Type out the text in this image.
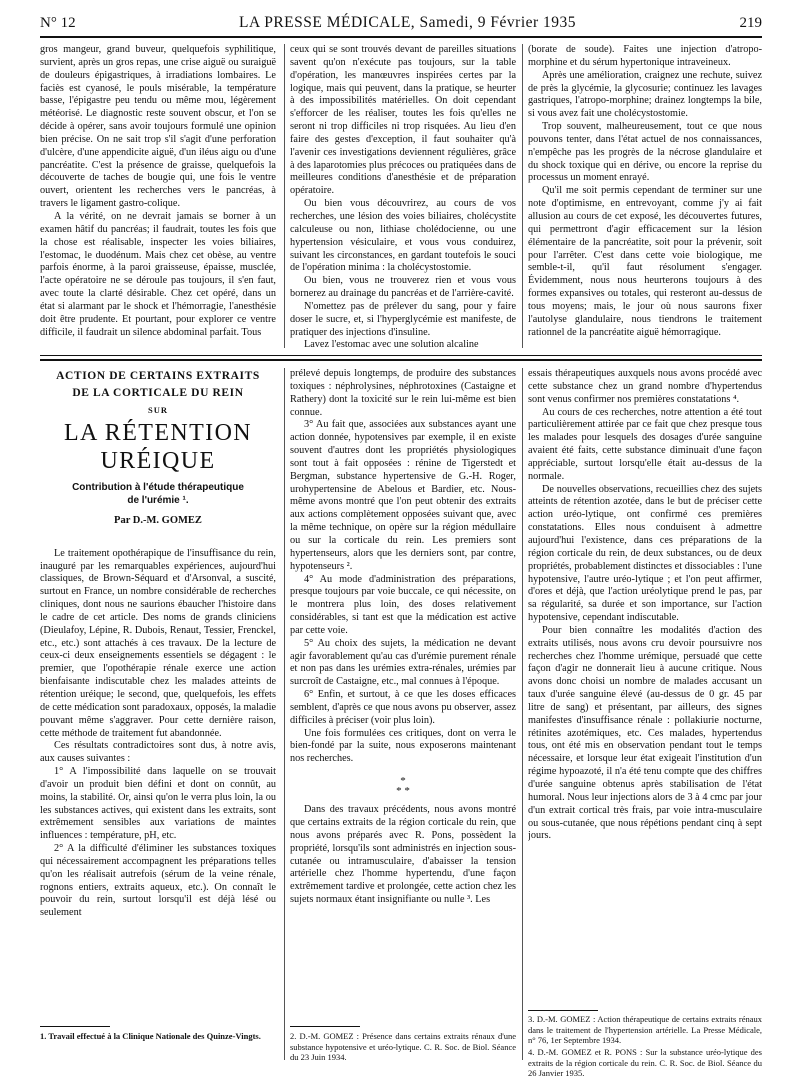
N° 12	LA PRESSE MÉDICALE, Samedi, 9 Février 1935	219

gros mangeur, grand buveur, quelquefois syphilitique, survient, après un gros repas, une crise aiguë ou suraiguë de douleurs épigastriques, à irradiations lombaires. Le faciès est cyanosé, le pouls misérable, la température basse, l'épigastre peu tendu ou même mou, légèrement météorisé. Le diagnostic reste souvent obscur, et l'on se décide à opérer, sans avoir toujours formulé une opinion bien précise. On ne sait trop s'il s'agit d'une perforation d'ulcère, d'une appendicite aiguë, d'un iléus aigu ou d'une pancréatite. C'est la présence de graisse, quelquefois la découverte de taches de bougie qui, une fois le ventre ouvert, orientent les recherches vers le pancréas, à travers le ligament gastro-colique.

A la vérité, on ne devrait jamais se borner à un examen hâtif du pancréas; il faudrait, toutes les fois que la chose est réalisable, inspecter les voies biliaires, l'estomac, le duodénum. Mais chez cet obèse, au ventre parfois énorme, à la paroi graisseuse, épaisse, musclée, l'acte opératoire ne se déroule pas toujours, il s'en faut, avec toute la clarté désirable. Chez cet opéré, dans un état si alarmant par le shock et l'hémorragie, l'anesthésie doit être prudente. Et pourtant, pour explorer ce ventre difficile, il faudrait un silence abdominal parfait. Tous

ceux qui se sont trouvés devant de pareilles situations savent qu'on n'exécute pas toujours, sur la table d'opération, les manœuvres inspirées certes par la logique, mais qui peuvent, dans la pratique, se heurter à des impossibilités matérielles. On doit cependant s'efforcer de les réaliser, toutes les fois qu'elles ne seront ni trop difficiles ni trop risquées. Au lieu d'en faire des gestes d'exception, il faut souhaiter qu'à l'avenir ces investigations deviennent régulières, grâce à des laparotomies plus précoces ou pratiquées dans de meilleures conditions d'anesthésie et de préparation opératoire.

Ou bien vous découvrirez, au cours de vos recherches, une lésion des voies biliaires, cholécystite calculeuse ou non, lithiase cholédocienne, ou une hypertension vésiculaire, et vous vous conduirez, suivant les circonstances, en gardant toutefois le souci de l'opération minima : la cholécystostomie.

Ou bien, vous ne trouverez rien et vous vous bornerez au drainage du pancréas et de l'arrière-cavité.

N'omettez pas de prélever du sang, pour y faire doser le sucre, et, si l'hyperglycémie est manifeste, de pratiquer des injections d'insuline.

Lavez l'estomac avec une solution alcaline

(borate de soude). Faites une injection d'atropo-morphine et du sérum hypertonique intraveineux.

Après une amélioration, craignez une rechute, suivez de près la glycémie, la glycosurie; continuez les lavages gastriques, l'atropo-morphine; drainez longtemps la bile, si vous avez fait une cholécystostomie.

Trop souvent, malheureusement, tout ce que nous pouvons tenter, dans l'état actuel de nos connaissances, n'empêche pas les progrès de la nécrose glandulaire et du shock toxique qui en dérive, ou encore la reprise du processus un moment enrayé.

Qu'il me soit permis cependant de terminer sur une note d'optimisme, en entrevoyant, comme j'y ai fait allusion au cours de cet exposé, les découvertes futures, qui permettront d'agir efficacement sur la lésion élémentaire de la pancréatite, soit pour la prévenir, soit pour l'arrêter. C'est dans cette voie biologique, me semble-t-il, qu'il faut résolument s'engager. Évidemment, nous nous heurterons toujours à des formes expansives ou totales, qui resteront au-dessus de tous moyens; mais, le jour où nous saurons fixer l'autolyse glandulaire, nous tiendrons le traitement rationnel de la pancréatite aiguë hémorragique.

ACTION DE CERTAINS EXTRAITS
DE LA CORTICALE DU REIN
SUR
LA RÉTENTION URÉIQUE
Contribution à l'étude thérapeutique
de l'urémie ¹.
Par D.-M. GOMEZ

Le traitement opothérapique de l'insuffisance du rein, inauguré par les remarquables expériences, aujourd'hui classiques, de Brown-Séquard et d'Arsonval, a suscité, surtout en France, un nombre considérable de recherches cliniques, dont nous ne saurions ébaucher l'histoire dans le cadre de cet article. Des noms de grands cliniciens (Dieulafoy, Lépine, R. Dubois, Renaut, Tessier, Frenckel, etc., etc.) sont attachés à ces travaux. De la lecture de ceux-ci deux enseignements essentiels se dégagent : le premier, que l'opothérapie rénale exerce une action bienfaisante indiscutable chez les malades atteints de rétention uréique; le second, que, quelquefois, les effets de cette médication sont paradoxaux, opposés, la maladie pouvant même s'aggraver. Pour cette dernière raison, cette méthode de traitement fut abandonnée.

Ces résultats contradictoires sont dus, à notre avis, aux causes suivantes :

1° A l'impossibilité dans laquelle on se trouvait d'avoir un produit bien défini et dont on connût, au moins, la stabilité. Or, ainsi qu'on le verra plus loin, la ou les substances actives, qui existent dans les extraits, sont extrêmement sensibles aux variations de maintes influences : température, pH, etc.

2° A la difficulté d'éliminer les substances toxiques qui nécessairement accompagnent les préparations telles qu'on les réalisait autrefois (sérum de la veine rénale, rognons entiers, extraits aqueux, etc.). On connaît le pouvoir du rein, surtout lorsqu'il est déjà lésé ou seulement

1. Travail effectué à la Clinique Nationale des Quinze-Vingts.

prélevé depuis longtemps, de produire des substances toxiques : néphrolysines, néphrotoxines (Castaigne et Rathery) dont la toxicité sur le rein lui-même est bien connue.

3° Au fait que, associées aux substances ayant une action donnée, hypotensives par exemple, il en existe souvent d'autres dont les propriétés physiologiques sont tout à fait opposées : rénine de Tigerstedt et Bergman, substance hypertensive de G.-H. Roger, urohypertensine de Abelous et Bardier, etc. Nous-même avons montré que l'on peut obtenir des extraits aux actions complètement opposées suivant que, avec la même technique, on opère sur la région médullaire ou sur la corticale du rein. Les premiers sont hypertenseurs, alors que les derniers sont, par contre, hypotenseurs ².

4° Au mode d'administration des préparations, presque toujours par voie buccale, ce qui nécessite, on le montrera plus loin, des doses relativement considérables, si tant est que la médication est active par cette voie.

5° Au choix des sujets, la médication ne devant agir favorablement qu'au cas d'urémie purement rénale et non pas dans les urémies extra-rénales, urémies par surcroît de Castaigne, etc., mal connues à l'époque.

6° Enfin, et surtout, à ce que les doses efficaces semblent, d'après ce que nous avons pu observer, assez difficiles à préciser (voir plus loin).

Une fois formulées ces critiques, dont on verra le bien-fondé par la suite, nous exposerons maintenant nos recherches.

*
* *

Dans des travaux précédents, nous avons montré que certains extraits de la région corticale du rein, que nous avons préparés avec R. Pons, possèdent la propriété, lorsqu'ils sont administrés en injection sous-cutanée ou intramusculaire, d'abaisser la tension artérielle chez l'homme hypertendu, d'une façon extrêmement tardive et prolongée, cette action chez les sujets normaux étant insignifiante ou nulle ³. Les

2. D.-M. GOMEZ : Présence dans certains extraits rénaux d'une substance hypotensive et uréo-lytique. C. R. Soc. de Biol. Séance du 23 Juin 1934.

essais thérapeutiques auxquels nous avons procédé avec cette substance chez un grand nombre d'hypertendus sont venus confirmer nos premières constatations ⁴.

Au cours de ces recherches, notre attention a été tout particulièrement attirée par ce fait que chez presque tous les malades pour lesquels des dosages d'urée sanguine avaient été faits, cette substance diminuait d'une façon appréciable, surtout lorsqu'elle était au-dessus de la normale.

De nouvelles observations, recueillies chez des sujets atteints de rétention azotée, dans le but de préciser cette action uréo-lytique, ont confirmé ces premières constatations. Elles nous conduisent à admettre aujourd'hui l'existence, dans ces préparations de la région corticale du rein, de deux substances, ou de deux propriétés, probablement distinctes et dissociables : l'une hypotensive, l'autre uréo-lytique ; et l'on peut affirmer, d'ores et déjà, que l'action uréolytique prend le pas, par sa régularité, sa durée et son importance, sur l'action hypotensive, cependant indiscutable.

Pour bien connaître les modalités d'action des extraits utilisés, nous avons cru devoir poursuivre nos recherches chez l'homme urémique, persuadé que cette façon d'agir ne donnerait lieu à aucune critique. Nous avons donc choisi un nombre de malades accusant un taux d'urée sanguine élevé (au-dessus de 0 gr. 45 par litre de sang) et présentant, par ailleurs, des signes manifestes d'insuffisance rénale : pollakiurie nocturne, rétinites azotémiques, etc. Ces malades, hypertendus tous, ont été mis en observation pendant tout le temps nécessaire, et lorsque leur état exigeait l'institution d'un régime hypoazoté, il n'a été tenu compte que des chiffres d'urée sanguine obtenus après stabilisation de l'état humoral. Nous leur injections alors de 3 à 4 cmc par jour d'un extrait cortical très frais, par voie intra-musculaire ou sous-cutanée, que nous répétions pendant cinq à sept jours.

3. D.-M. GOMEZ : Action thérapeutique de certains extraits rénaux dans le traitement de l'hypertension artérielle. La Presse Médicale, n° 76, 1er Septembre 1934.
4. D.-M. GOMEZ et R. PONS : Sur la substance uréo-lytique des extraits de la région corticale du rein. C. R. Soc. de Biol. Séance du 26 Janvier 1935.
